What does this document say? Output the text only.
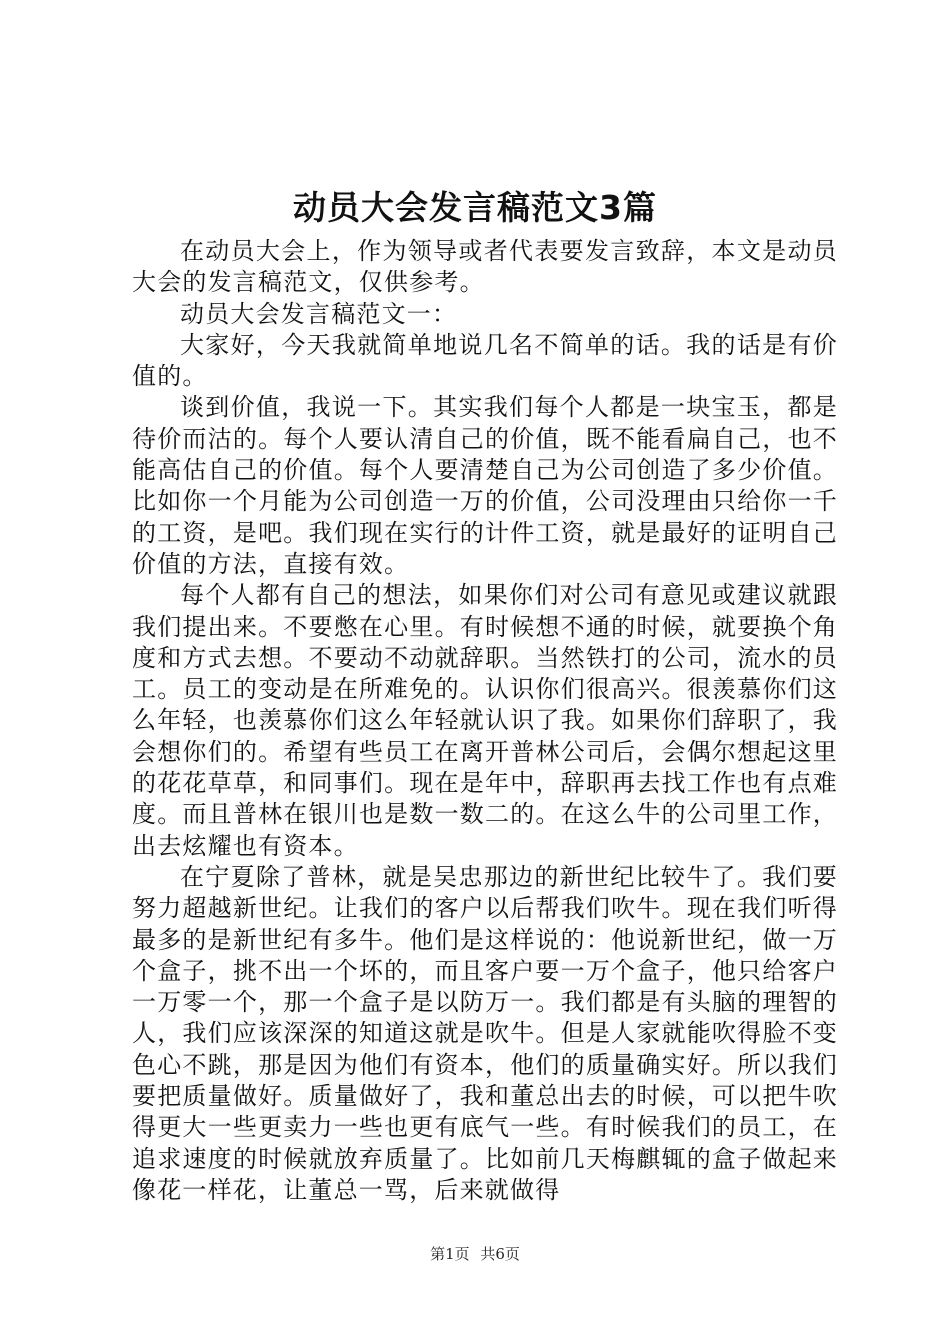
动员大会发言稿范文3篇

在动员大会上，作为领导或者代表要发言致辞，本文是动员大会的发言稿范文，仅供参考。

动员大会发言稿范文一：

大家好，今天我就简单地说几名不简单的话。我的话是有价值的。

谈到价值，我说一下。其实我们每个人都是一块宝玉，都是待价而沽的。每个人要认清自己的价值，既不能看扁自己，也不能高估自己的价值。每个人要清楚自己为公司创造了多少价值。比如你一个月能为公司创造一万的价值，公司没理由只给你一千的工资，是吧。我们现在实行的计件工资，就是最好的证明自己价值的方法，直接有效。

每个人都有自己的想法，如果你们对公司有意见或建议就跟我们提出来。不要憋在心里。有时候想不通的时候，就要换个角度和方式去想。不要动不动就辞职。当然铁打的公司，流水的员工。员工的变动是在所难免的。认识你们很高兴。很羡慕你们这么年轻，也羡慕你们这么年轻就认识了我。如果你们辞职了，我会想你们的。希望有些员工在离开普林公司后，会偶尔想起这里的花花草草，和同事们。现在是年中，辞职再去找工作也有点难度。而且普林在银川也是数一数二的。在这么牛的公司里工作，出去炫耀也有资本。

在宁夏除了普林，就是吴忠那边的新世纪比较牛了。我们要努力超越新世纪。让我们的客户以后帮我们吹牛。现在我们听得最多的是新世纪有多牛。他们是这样说的：他说新世纪，做一万个盒子，挑不出一个坏的，而且客户要一万个盒子，他只给客户一万零一个，那一个盒子是以防万一。我们都是有头脑的理智的人，我们应该深深的知道这就是吹牛。但是人家就能吹得脸不变色心不跳，那是因为他们有资本，他们的质量确实好。所以我们要把质量做好。质量做好了，我和董总出去的时候，可以把牛吹得更大一些更卖力一些也更有底气一些。有时候我们的员工，在追求速度的时候就放弃质量了。比如前几天梅麒辄的盒子做起来像花一样花，让董总一骂，后来就做得

第1页 共6页
